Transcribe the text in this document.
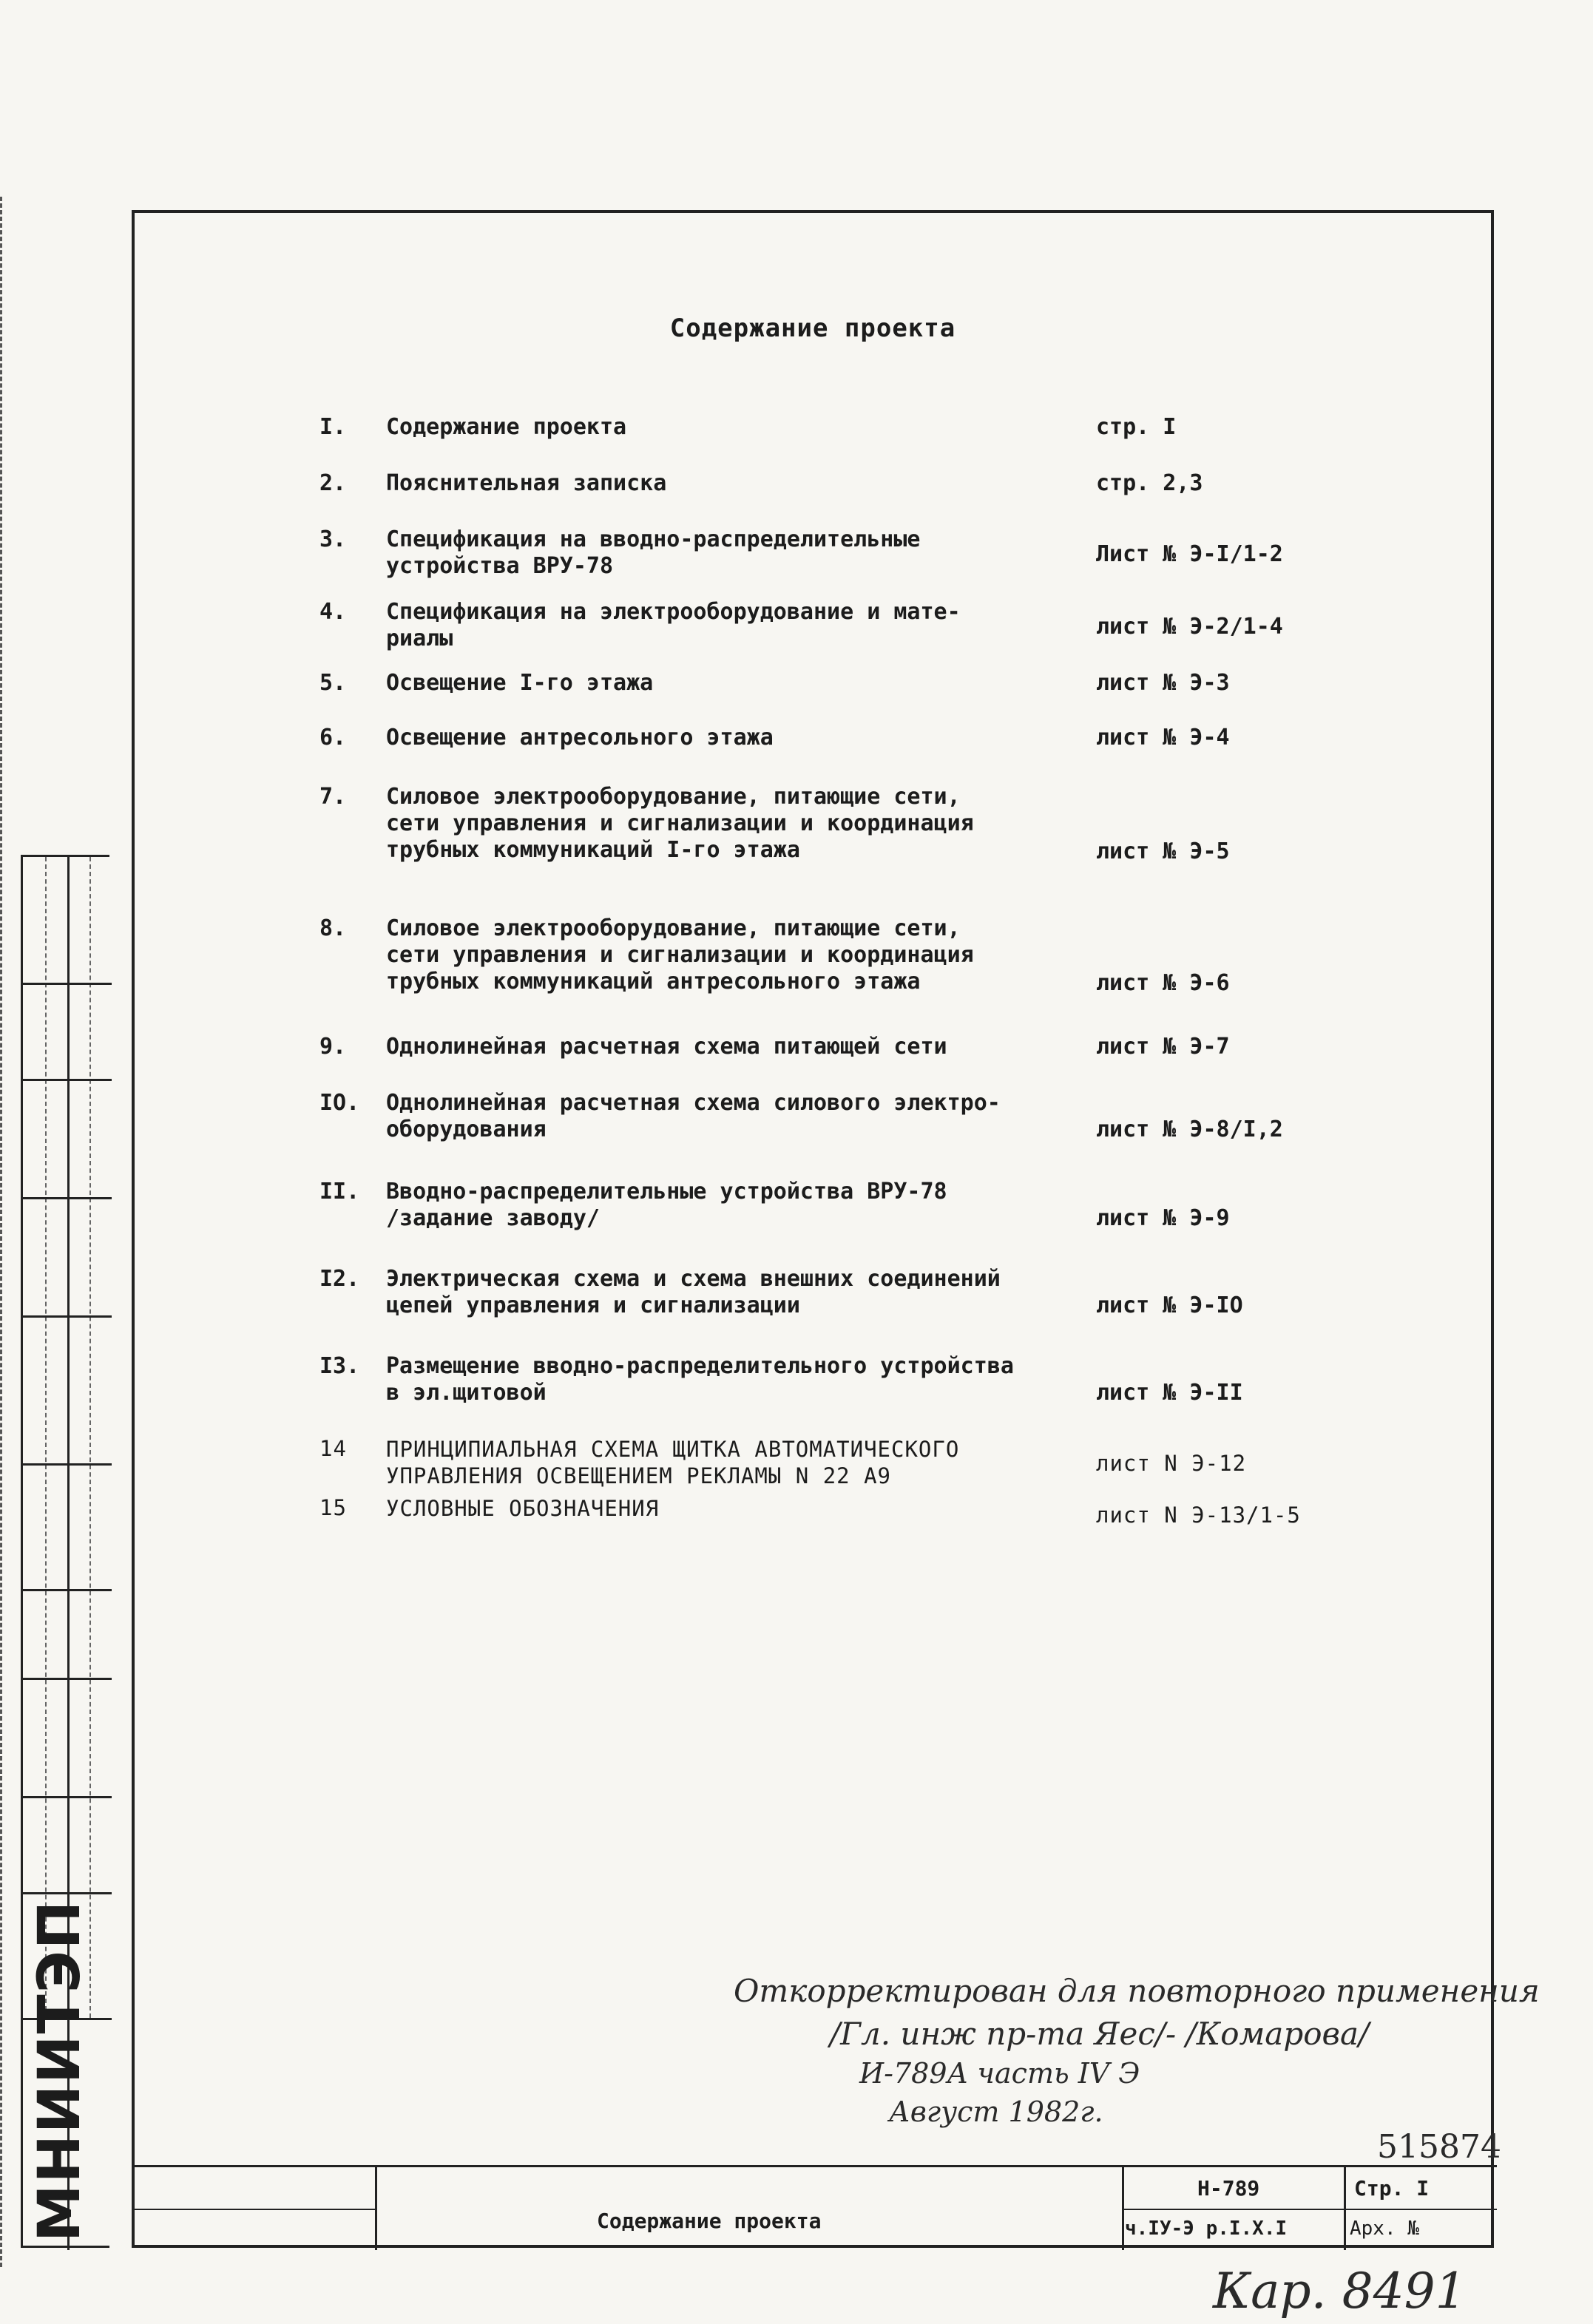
Содержание проекта
I. Содержание проекта	стр. I
2. Пояснительная записка	стр. 2,3
3. Спецификация на вводно-распределительные
устройства ВРУ-78	Лист № Э-I/1-2
4. Спецификация на электрооборудование и мате-
риалы	лист № Э-2/1-4
5. Освещение I-го этажа	лист № Э-3
6. Освещение антресольного этажа	лист № Э-4
7. Силовое электрооборудование, питающие сети,
сети управления и сигнализации и координация
трубных коммуникаций I-го этажа	лист № Э-5
8. Силовое электрооборудование, питающие сети,
сети управления и сигнализации и координация
трубных коммуникаций антресольного этажа	лист № Э-6
9. Однолинейная расчетная схема питающей сети	лист № Э-7
IO. Однолинейная расчетная схема силового электро-
оборудования	лист № Э-8/I,2
II. Вводно-распределительные устройства ВРУ-78
/задание заводу/	лист № Э-9
I2. Электрическая схема и схема внешних соединений
цепей управления и сигнализации	лист № Э-IO
I3. Размещение вводно-распределительного устройства
в эл.щитовой	лист № Э-II
14 ПРИНЦИПИАЛЬНАЯ СХЕМА ЩИТКА АВТОМАТИЧЕСКОГО
УПРАВЛЕНИЯ ОСВЕЩЕНИЕМ РЕКЛАМЫ N 22 А9	лист N Э-12
15 УСЛОВНЫЕ ОБОЗНАЧЕНИЯ	лист N Э-13/1-5
Откорректирован для повторного применения
/Гл. инж пр-та Яес/- /Комарова/
И-789А часть IV Э
Август 1982г.
515874
Содержание проекта
Н-789
ч.IУ-Э р.I.Х.I
Стр. I
Арх. №
Кар. 8491
МНИИТЭП
